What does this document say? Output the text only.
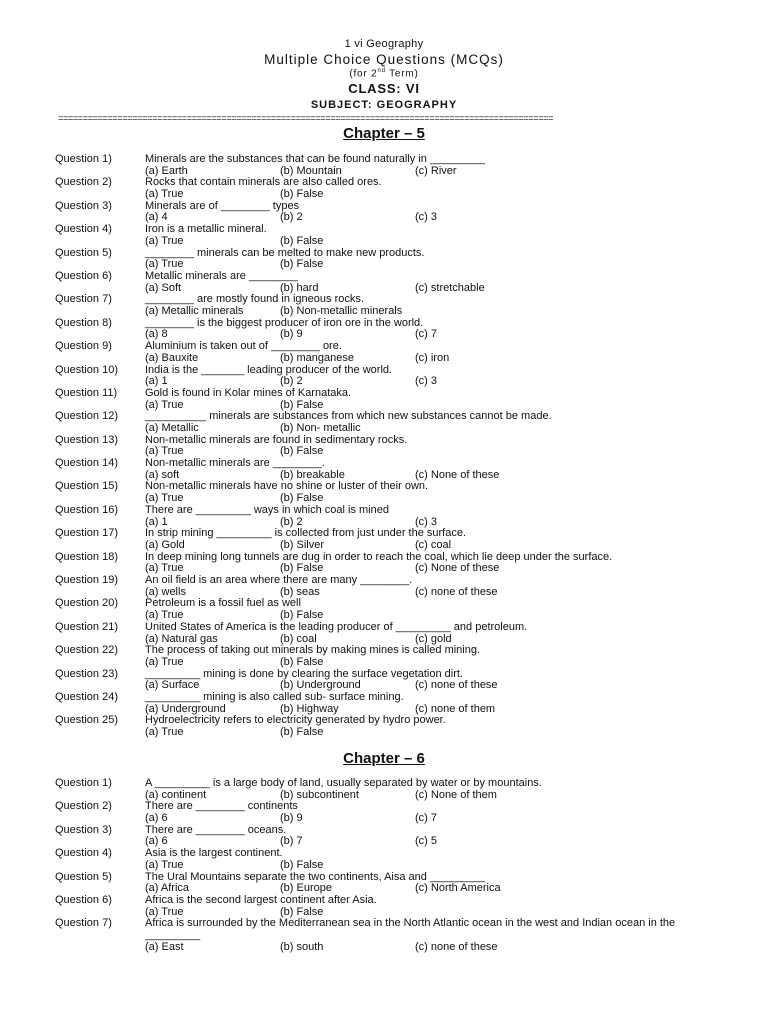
1 vi Geography
Multiple Choice Questions (MCQs)
(for 2nd Term)
CLASS: VI
SUBJECT: GEOGRAPHY
====================================================================================================
Chapter – 5
Question 1)	Minerals are the substances that can be found naturally in _________
(a) Earth	(b) Mountain	(c) River
Question 2)	Rocks that contain minerals are also called ores.
(a) True	(b) False
Question 3)	Minerals are of ________ types
(a) 4	(b) 2	(c) 3
Question 4)	Iron is a metallic mineral.
(a) True	(b) False
Question 5)	________ minerals can be melted to make new products.
(a) True	(b) False
Question 6)	Metallic minerals are ________
(a) Soft	(b) hard	(c) stretchable
Question 7)	________ are mostly found in igneous rocks.
(a) Metallic minerals	(b) Non-metallic minerals
Question 8)	________ is the biggest producer of iron ore in the world.
(a) 8	(b) 9	(c) 7
Question 9)	Aluminium is taken out of ________ ore.
(a) Bauxite	(b) manganese	(c) iron
Question 10)	India is the _______ leading producer of the world.
(a) 1	(b) 2	(c) 3
Question 11)	Gold is found in Kolar mines of Karnataka.
(a) True	(b) False
Question 12)	__________ minerals are substances from which new substances cannot be made.
(a) Metallic	(b) Non- metallic
Question 13)	Non-metallic minerals are found in sedimentary rocks.
(a) True	(b) False
Question 14)	Non-metallic minerals are ________.
(a) soft	(b) breakable	(c) None of these
Question 15)	Non-metallic minerals have no shine or luster of their own.
(a) True	(b) False
Question 16)	There are _________ ways in which coal is mined
(a) 1	(b) 2	(c) 3
Question 17)	In strip mining _________ is collected from just under the surface.
(a) Gold	(b) Silver	(c) coal
Question 18)	In deep mining long tunnels are dug in order to reach the coal, which lie deep under the surface.
(a) True	(b) False	(c) None of these
Question 19)	An oil field is an area where there are many ________.
(a) wells	(b) seas	(c) none of these
Question 20)	Petroleum is a fossil fuel as well
(a) True	(b) False
Question 21)	United States of America is the leading producer of _________ and petroleum.
(a) Natural gas	(b) coal	(c) gold
Question 22)	The process of taking out minerals by making mines is called mining.
(a) True	(b) False
Question 23)	_________ mining is done by clearing the surface vegetation dirt.
(a) Surface	(b) Underground	(c) none of these
Question 24)	_________ mining is also called sub- surface mining.
(a) Underground	(b) Highway	(c) none of them
Question 25)	Hydroelectricity refers to electricity generated by hydro power.
(a) True	(b) False
Chapter – 6
Question 1)	A _________ is a large body of land, usually separated by water or by mountains.
(a) continent	(b) subcontinent	(c) None of them
Question 2)	There are ________ continents
(a) 6	(b) 9	(c) 7
Question 3)	There are ________ oceans.
(a) 6	(b) 7	(c) 5
Question 4)	Asia is the largest continent.
(a) True	(b) False
Question 5)	The Ural Mountains separate the two continents, Aisa and _________
(a) Africa	(b) Europe	(c) North America
Question 6)	Africa is the second largest continent after Asia.
(a) True	(b) False
Question 7)	Africa is surrounded by the Mediterranean sea in the North Atlantic ocean in the west and Indian ocean in the _________
(a) East	(b) south	(c) none of these
